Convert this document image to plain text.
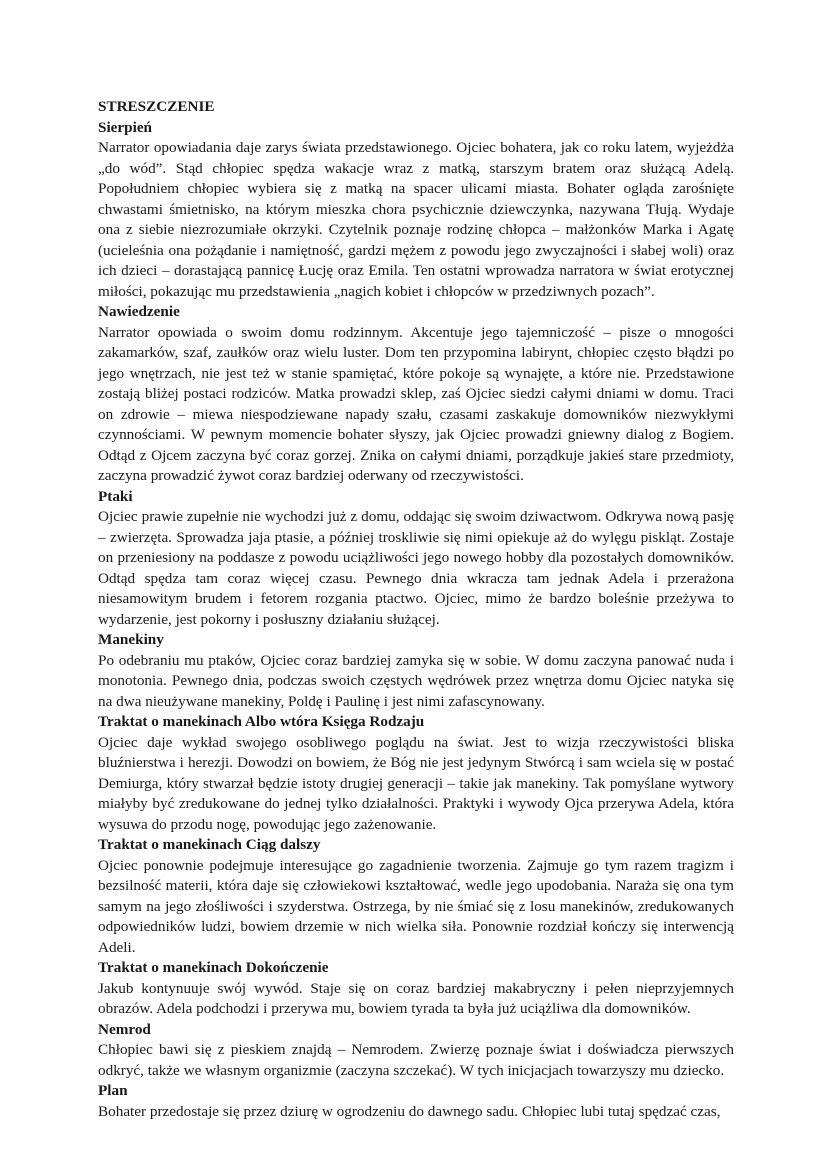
STRESZCZENIE
Sierpień

Narrator opowiadania daje zarys świata przedstawionego. Ojciec bohatera, jak co roku latem, wyjeżdża „do wód”. Stąd chłopiec spędza wakacje wraz z matką, starszym bratem oraz służącą Adelą. Popołudniem chłopiec wybiera się z matką na spacer ulicami miasta. Bohater ogląda zarośnięte chwastami śmietnisko, na którym mieszka chora psychicznie dziewczynka, nazywana Tłują. Wydaje ona z siebie niezrozumiałe okrzyki. Czytelnik poznaje rodzinę chłopca – małżonków Marka i Agatę (ucieleśnia ona pożądanie i namiętność, gardzi mężem z powodu jego zwyczajności i słabej woli) oraz ich dzieci – dorastającą pannicę Łucję oraz Emila. Ten ostatni wprowadza narratora w świat erotycznej miłości, pokazując mu przedstawienia „nagich kobiet i chłopców w przedziwnych pozach”.

Nawiedzenie

Narrator opowiada o swoim domu rodzinnym. Akcentuje jego tajemniczość – pisze o mnogości zakamarków, szaf, zaułków oraz wielu luster. Dom ten przypomina labirynt, chłopiec często błądzi po jego wnętrzach, nie jest też w stanie spamiętać, które pokoje są wynajęte, a które nie. Przedstawione zostają bliżej postaci rodziców. Matka prowadzi sklep, zaś Ojciec siedzi całymi dniami w domu. Traci on zdrowie – miewa niespodziewane napady szału, czasami zaskakuje domowników niezwykłymi czynnościami. W pewnym momencie bohater słyszy, jak Ojciec prowadzi gniewny dialog z Bogiem. Odtąd z Ojcem zaczyna być coraz gorzej. Znika on całymi dniami, porządkuje jakieś stare przedmioty, zaczyna prowadzić żywot coraz bardziej oderwany od rzeczywistości.

Ptaki

Ojciec prawie zupełnie nie wychodzi już z domu, oddając się swoim dziwactwom. Odkrywa nową pasję – zwierzęta. Sprowadza jaja ptasie, a później troskliwie się nimi opiekuje aż do wylęgu piskląt. Zostaje on przeniesiony na poddasze z powodu uciążliwości jego nowego hobby dla pozostałych domowników. Odtąd spędza tam coraz więcej czasu. Pewnego dnia wkracza tam jednak Adela i przerażona niesamowitym brudem i fetorem rozgania ptactwo. Ojciec, mimo że bardzo boleśnie przeżywa to wydarzenie, jest pokorny i posłuszny działaniu służącej.

Manekiny

Po odebraniu mu ptaków, Ojciec coraz bardziej zamyka się w sobie. W domu zaczyna panować nuda i monotonia. Pewnego dnia, podczas swoich częstych wędrówek przez wnętrza domu Ojciec natyka się na dwa nieużywane manekiny, Poldę i Paulinę i jest nimi zafascynowany.

Traktat o manekinach Albo wtóra Księga Rodzaju

Ojciec daje wykład swojego osobliwego poglądu na świat. Jest to wizja rzeczywistości bliska bluźnierstwa i herezji. Dowodzi on bowiem, że Bóg nie jest jedynym Stwórcą i sam wciela się w postać Demiurga, który stwarzał będzie istoty drugiej generacji – takie jak manekiny. Tak pomyślane wytwory miałyby być zredukowane do jednej tylko działalności. Praktyki i wywody Ojca przerywa Adela, która wysuwa do przodu nogę, powodując jego zażenowanie.

Traktat o manekinach Ciąg dalszy

Ojciec ponownie podejmuje interesujące go zagadnienie tworzenia. Zajmuje go tym razem tragizm i bezsilność materii, która daje się człowiekowi kształtować, wedle jego upodobania. Naraża się ona tym samym na jego złośliwości i szyderstwa. Ostrzega, by nie śmiać się z losu manekinów, zredukowanych odpowiedników ludzi, bowiem drzemie w nich wielka siła. Ponownie rozdział kończy się interwencją Adeli.

Traktat o manekinach Dokończenie

Jakub kontynuuje swój wywód. Staje się on coraz bardziej makabryczny i pełen nieprzyjemnych obrazów. Adela podchodzi i przerywa mu, bowiem tyrada ta była już uciążliwa dla domowników.

Nemrod

Chłopiec bawi się z pieskiem znajdą – Nemrodem. Zwierzę poznaje świat i doświadcza pierwszych odkryć, także we własnym organizmie (zaczyna szczekać). W tych inicjacjach towarzyszy mu dziecko.

Plan

Bohater przedostaje się przez dziurę w ogrodzeniu do dawnego sadu. Chłopiec lubi tutaj spędzać czas,
